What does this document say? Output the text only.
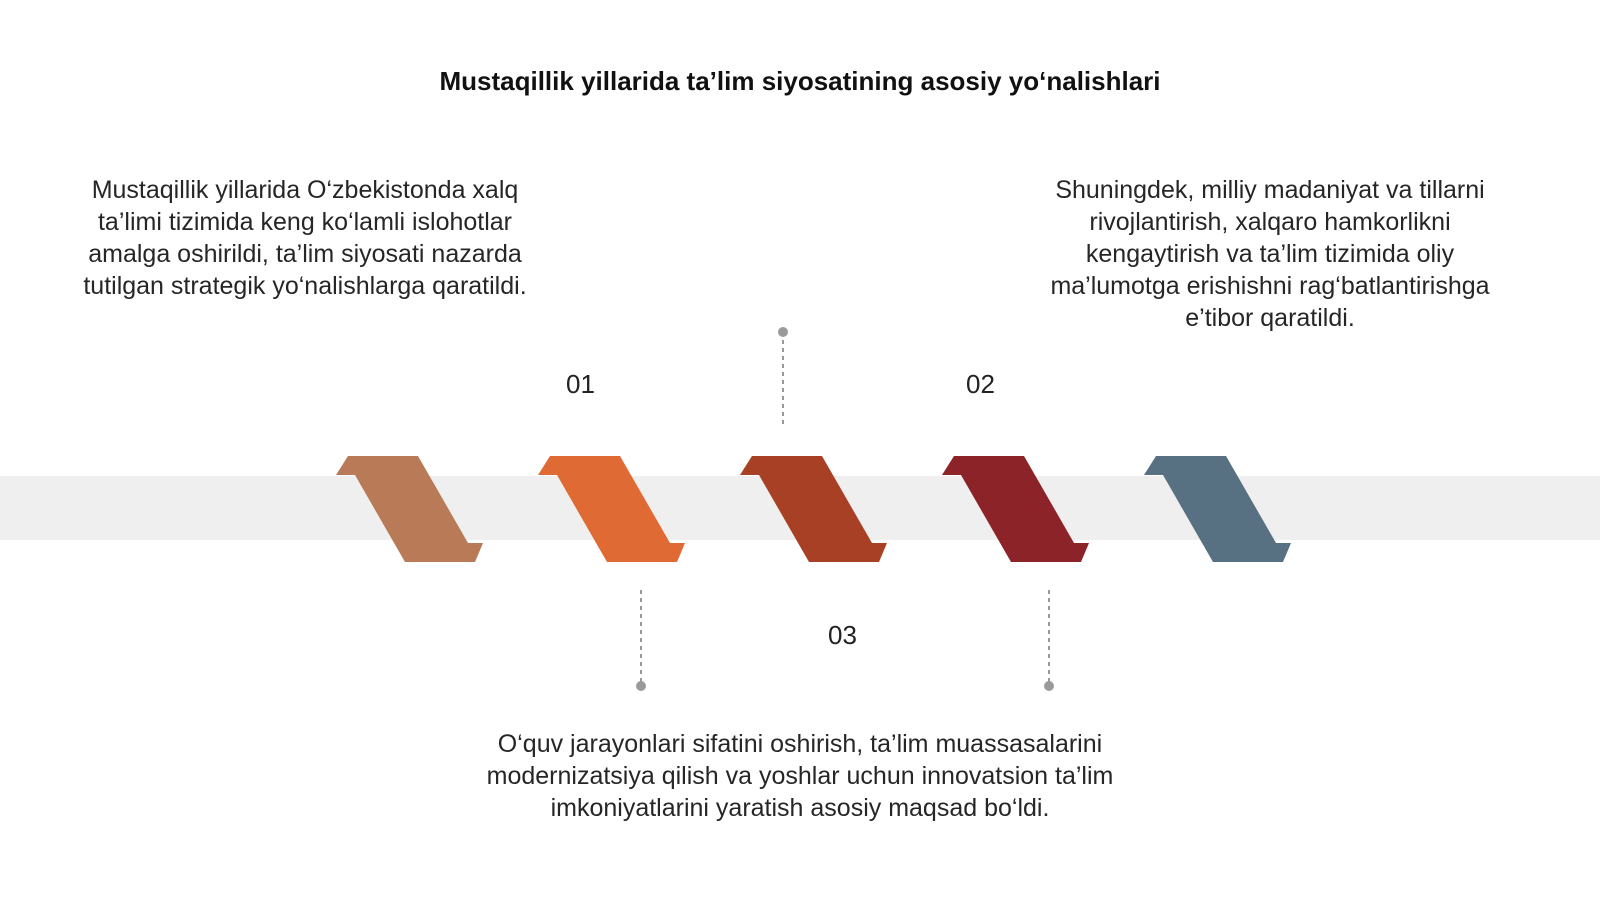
Mustaqillik yillarida ta’lim siyosatining asosiy yo‘nalishlari
Mustaqillik yillarida O‘zbekistonda xalq ta’limi tizimida keng ko‘lamli islohotlar amalga oshirildi, ta’lim siyosati nazarda tutilgan strategik yo‘nalishlarga qaratildi.
Shuningdek, milliy madaniyat va tillarni rivojlantirish, xalqaro hamkorlikni kengaytirish va ta’lim tizimida oliy ma’lumotga erishishni rag‘batlantirishga e’tibor qaratildi.
O‘quv jarayonlari sifatini oshirish, ta’lim muassasalarini modernizatsiya qilish va yoshlar uchun innovatsion ta’lim imkoniyatlarini yaratish asosiy maqsad bo‘ldi.
01	02
03
